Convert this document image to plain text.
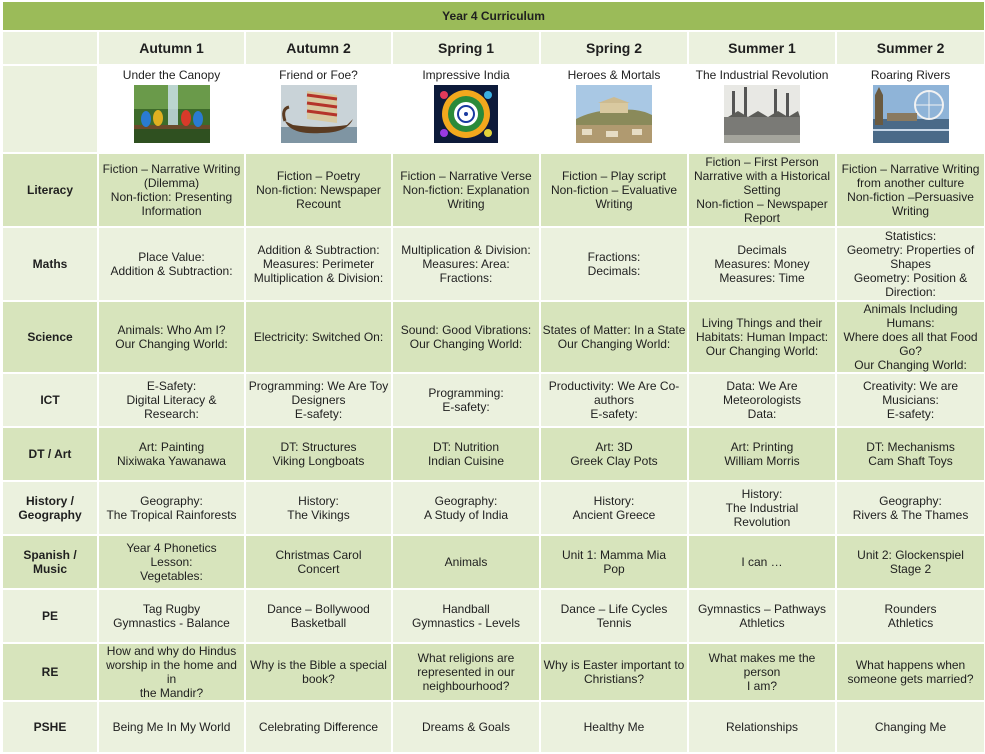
Year 4 Curriculum						
	Autumn 1	Autumn 2	Spring 1	Spring 2	Summer 1	Summer 2

	Under the Canopy	Friend or Foe?	Impressive India	Heroes & Mortals	The Industrial Revolution	Roaring Rivers

Literacy	Fiction – Narrative Writing
(Dilemma)
Non-fiction: Presenting
Information	Fiction – Poetry
Non-fiction: Newspaper
Recount	Fiction – Narrative Verse
Non-fiction: Explanation
Writing	Fiction – Play script
Non-fiction – Evaluative
Writing	Fiction – First Person
Narrative with a Historical
Setting
Non-fiction – Newspaper
Report	Fiction – Narrative Writing
from another culture
Non-fiction –Persuasive
Writing

Maths	Place Value:
Addition & Subtraction:	Addition & Subtraction:
Measures: Perimeter
Multiplication & Division:	Multiplication & Division:
Measures: Area:
Fractions:	Fractions:
Decimals:	Decimals
Measures: Money
Measures: Time	Statistics:
Geometry: Properties of
Shapes
Geometry: Position &
Direction:

Science	Animals: Who Am I?
Our Changing World:	Electricity: Switched On:	Sound: Good Vibrations:
Our Changing World:	States of Matter: In a State
Our Changing World:	Living Things and their
Habitats: Human Impact:
Our Changing World:	Animals Including Humans:
Where does all that Food
Go?
Our Changing World:

ICT	E-Safety:
Digital Literacy & Research:	Programming: We Are Toy
Designers
E-safety:	Programming:
E-safety:	Productivity: We Are Co-
authors
E-safety:	Data: We Are
Meteorologists
Data:	Creativity: We are
Musicians:
E-safety:

DT / Art	Art: Painting
Nixiwaka Yawanawa	DT: Structures
Viking Longboats	DT: Nutrition
Indian Cuisine	Art: 3D
Greek Clay Pots	Art: Printing
William Morris	DT: Mechanisms
Cam Shaft Toys

History /
Geography	Geography:
The Tropical Rainforests	History:
The Vikings	Geography:
A Study of India	History:
Ancient Greece	History:
The Industrial
Revolution	Geography:
Rivers & The Thames

Spanish /
Music	Year 4 Phonetics
Lesson:
Vegetables:	Christmas Carol
Concert	Animals	Unit 1: Mamma Mia
Pop	I can …	Unit 2: Glockenspiel
Stage 2

PE	Tag Rugby
Gymnastics - Balance	Dance – Bollywood
Basketball	Handball
Gymnastics - Levels	Dance – Life Cycles
Tennis	Gymnastics – Pathways
Athletics	Rounders
Athletics

RE	How and why do Hindus
worship in the home and in
the Mandir?	Why is the Bible a special
book?	What religions are
represented in our
neighbourhood?	Why is Easter important to
Christians?	What makes me the person
I am?	What happens when
someone gets married?

PSHE	Being Me In My World	Celebrating Difference	Dreams & Goals	Healthy Me	Relationships	Changing Me
